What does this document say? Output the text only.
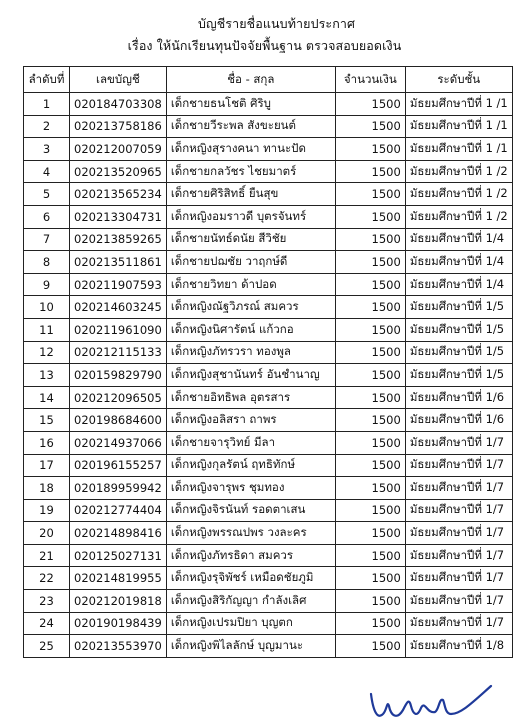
บัญชีรายชื่อแนบท้ายประกาศ
เรื่อง ให้นักเรียนทุนปัจจัยพื้นฐาน ตรวจสอบยอดเงิน
ลำดับที่	เลขบัญชี	ชื่อ - สกุล	จำนวนเงิน	ระดับชั้น
1	020184703308	เด็กชายธนโชติ ศิริบู	1500	มัธยมศึกษาปีที่ 1 /1
2	020213758186	เด็กชายวีระพล สังขะยนต์	1500	มัธยมศึกษาปีที่ 1 /1
3	020212007059	เด็กหญิงสุรางคนา ทานะปัด	1500	มัธยมศึกษาปีที่ 1 /1
4	020213520965	เด็กชายกลวัชร ไชยมาตร์	1500	มัธยมศึกษาปีที่ 1 /2
5	020213565234	เด็กชายศิริสิทธิ์ ยืนสุข	1500	มัธยมศึกษาปีที่ 1 /2
6	020213304731	เด็กหญิงอมราวดี บุตรจันทร์	1500	มัธยมศึกษาปีที่ 1 /2
7	020213859265	เด็กชายนัทธ์ดนัย สีวิชัย	1500	มัธยมศึกษาปีที่ 1/4
8	020213511861	เด็กชายปฌชัย วาฤกษ์ดี	1500	มัธยมศึกษาปีที่ 1/4
9	020211907593	เด็กชายวิทยา ด้าปอด	1500	มัธยมศึกษาปีที่ 1/4
10	020214603245	เด็กหญิงณัฐวิภรณ์ สมควร	1500	มัธยมศึกษาปีที่ 1/5
11	020211961090	เด็กหญิงนิศารัตน์ แก้วกอ	1500	มัธยมศึกษาปีที่ 1/5
12	020212115133	เด็กหญิงภัทรวรา ทองพูล	1500	มัธยมศึกษาปีที่ 1/5
13	020159829790	เด็กหญิงสุชานันทร์ อันชำนาญ	1500	มัธยมศึกษาปีที่ 1/5
14	020212096505	เด็กชายอิทธิพล อุตรสาร	1500	มัธยมศึกษาปีที่ 1/6
15	020198684600	เด็กหญิงอลิสรา ถาพร	1500	มัธยมศึกษาปีที่ 1/6
16	020214937066	เด็กชายจารุวิทย์ มีลา	1500	มัธยมศึกษาปีที่ 1/7
17	020196155257	เด็กหญิงกุลรัตน์ ฤทธิทักษ์	1500	มัธยมศึกษาปีที่ 1/7
18	020189959942	เด็กหญิงจารุพร ชุมทอง	1500	มัธยมศึกษาปีที่ 1/7
19	020212774404	เด็กหญิงจิรนันท์ รอดตาเสน	1500	มัธยมศึกษาปีที่ 1/7
20	020214898416	เด็กหญิงพรรณปพร วงละคร	1500	มัธยมศึกษาปีที่ 1/7
21	020125027131	เด็กหญิงภัทรธิดา สมควร	1500	มัธยมศึกษาปีที่ 1/7
22	020214819955	เด็กหญิงรุจิพัชร์ เหมือดชัยภูมิ	1500	มัธยมศึกษาปีที่ 1/7
23	020212019818	เด็กหญิงสิริกัญญา กำลังเลิศ	1500	มัธยมศึกษาปีที่ 1/7
24	020190198439	เด็กหญิงเปรมปิยา บุญตก	1500	มัธยมศึกษาปีที่ 1/7
25	020213553970	เด็กหญิงพิไลลักษ์ บุญมานะ	1500	มัธยมศึกษาปีที่ 1/8
